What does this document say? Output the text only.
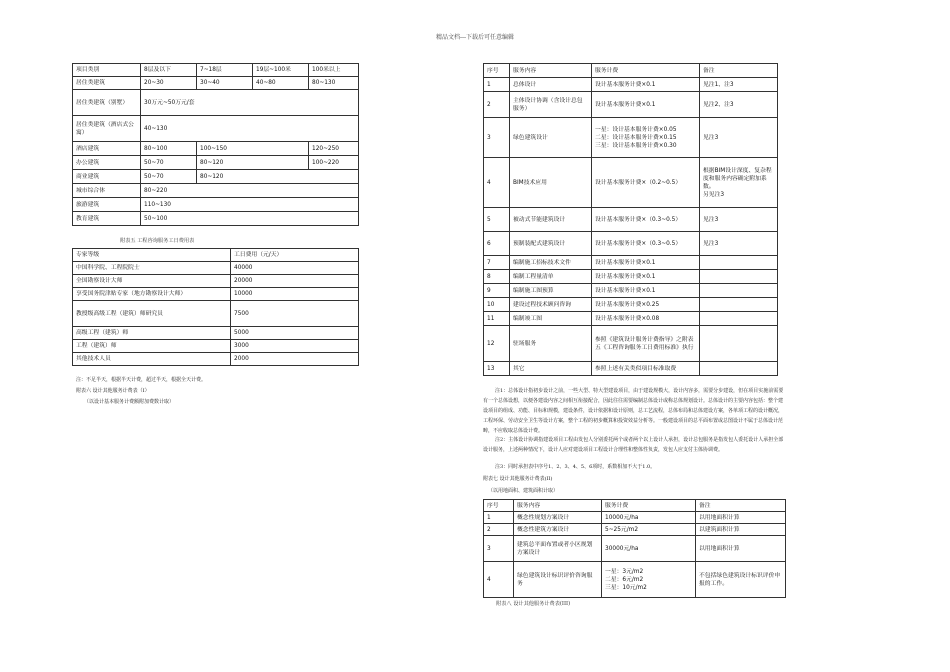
精品文档---下载后可任意编辑
项目类别	8层及以下	7~18层	19层~100米	100米以上
居住类建筑	20~30	30~40	40~80	80~130
居住类建筑（别墅）	30万元~50万元/套			
居住类建筑（酒店式公寓）	40~130			
酒店建筑	80~100	100~150		120~250
办公建筑	50~70	80~120		100~220
商业建筑	50~70	80~120		
城市综合体	80~220			
旅游建筑	110~130			
教育建筑	50~100			
附表五 工程咨询服务工日费用表
专家等级	工日费用（元/天）
中国科学院、工程院院士	40000
全国勘察设计大师	20000
享受国务院津贴专家（地方勘察设计大师）	10000
教授级高级工程（建筑）师研究员	7500
高级工程（建筑）师	5000
工程（建筑）师	3000
其他技术人员	2000
注：不足半天，根据半天计费，超过半天，根据全天计费。
附表六 设计其他服务计费表（I）
（以设计基本服务计费额附加费数计取）
序号	服务内容	服务计费	备注
1	总体设计	设计基本服务计费×0.1	见注1、注3
2	主体设计协调（含设计总包服务）	设计基本服务计费×0.1	见注2、注3
3	绿色建筑设计	一星：设计基本服务计费×0.05
二星：设计基本服务计费×0.15
三星：设计基本服务计费×0.30	见注3
4	BIM技术应用	设计基本服务计费×（0.2~0.5）	根据BIM设计深度、复杂程度和服务内容确定附加系数。
另见注3
5	被动式节能建筑设计	设计基本服务计费×（0.3~0.5）	见注3
6	预制装配式建筑设计	设计基本服务计费×（0.3~0.5）	见注3
7	编制施工招标技术文件	设计基本服务计费×0.1	
8	编制工程量清单	设计基本服务计费×0.1	
9	编制施工图预算	设计基本服务计费×0.1	
10	建设过程技术顾问咨询	设计基本服务计费×0.25	
11	编制竣工图	设计基本服务计费×0.08	
12	驻场服务	参照《建筑设计服务计费指导》之附表五《工程咨询服务工日费用标准》执行	
13	其它	参照上述有关类似项目标准取费	
注1：总体设计指初步设计之前，一些大型、特大型建设项目，由于建设规模大，设计内容多，需要分步建设，但在项目实施前需要有一个总体设想，以便各建设内容之间相互衔接配合，因此往往需要编制总体设计或称总体规划设计。总体设计的主要内容包括：整个建设项目的组成、功能、目标和规模，建设条件，设计依据和设计原则，总工艺流程，总体布局和总体建设方案，各单项工程的设计概况，工程环保、劳动安全卫生等设计方案，整个工程的初步概算和投资效益分析等。一般建设项目的总平面布置或总图设计不属于总体设计范畴，不应收取总体设计费。
注2：主体设计协调指建设项目工程由发包人分别委托两个或者两个以上设计人承担，设计总包服务是指发包人委托设计人承担全部设计服务，上述两种情况下，设计人应对建设项目工程设计合理性和整体性负责，发包人应支付主体协调费。
注3：同时承担表中序号1、2、3、4、5、6项时，系数相加不大于1.0。
附表七 设计其他服务计费表(II)
（以用地面积、建筑面积计取）
序号	服务内容	服务计费	备注
1	概念性规划方案设计	10000元/ha	以用地面积计算
2	概念性建筑方案设计	5~25元/m2	以建筑面积计算
3	建筑总平面布置或者小区规划方案设计	30000元/ha	以用地面积计算
4	绿色建筑设计标识评价咨询服务	一星：3元/m2
二星：6元/m2
三星：10元/m2	不包括绿色建筑设计标识评价申报的工作。
附表八 设计其他服务计费表(III)
